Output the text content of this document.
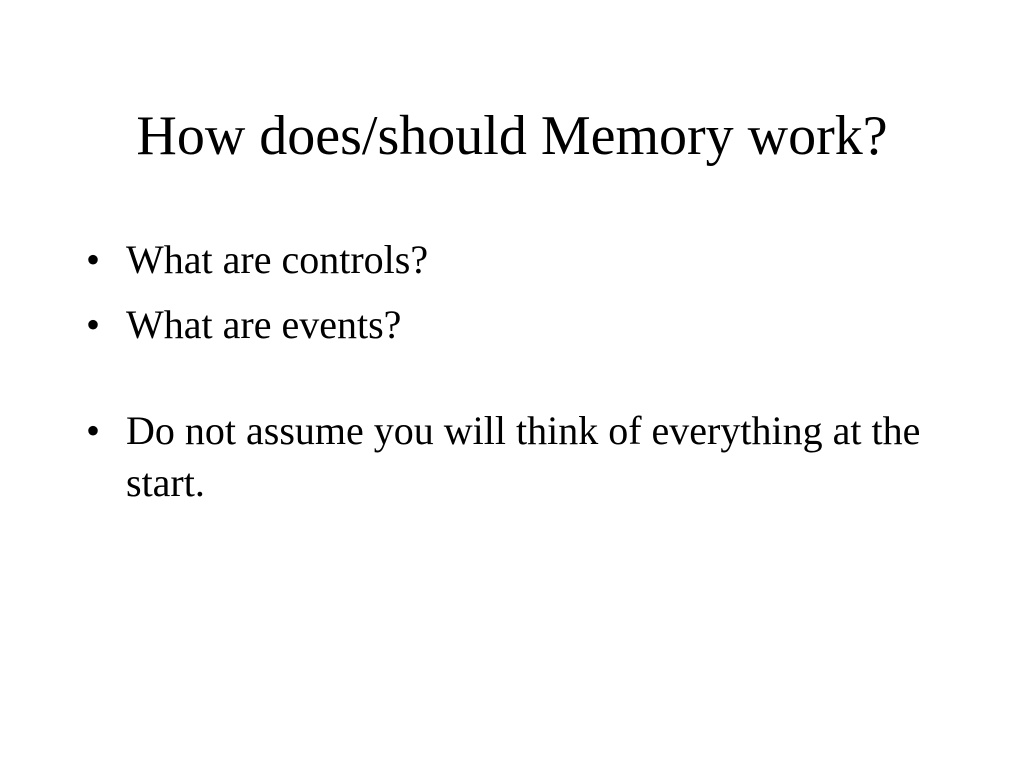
How does/should Memory work?
• What are controls?
• What are events?
• Do not assume you will think of everything at the start.
